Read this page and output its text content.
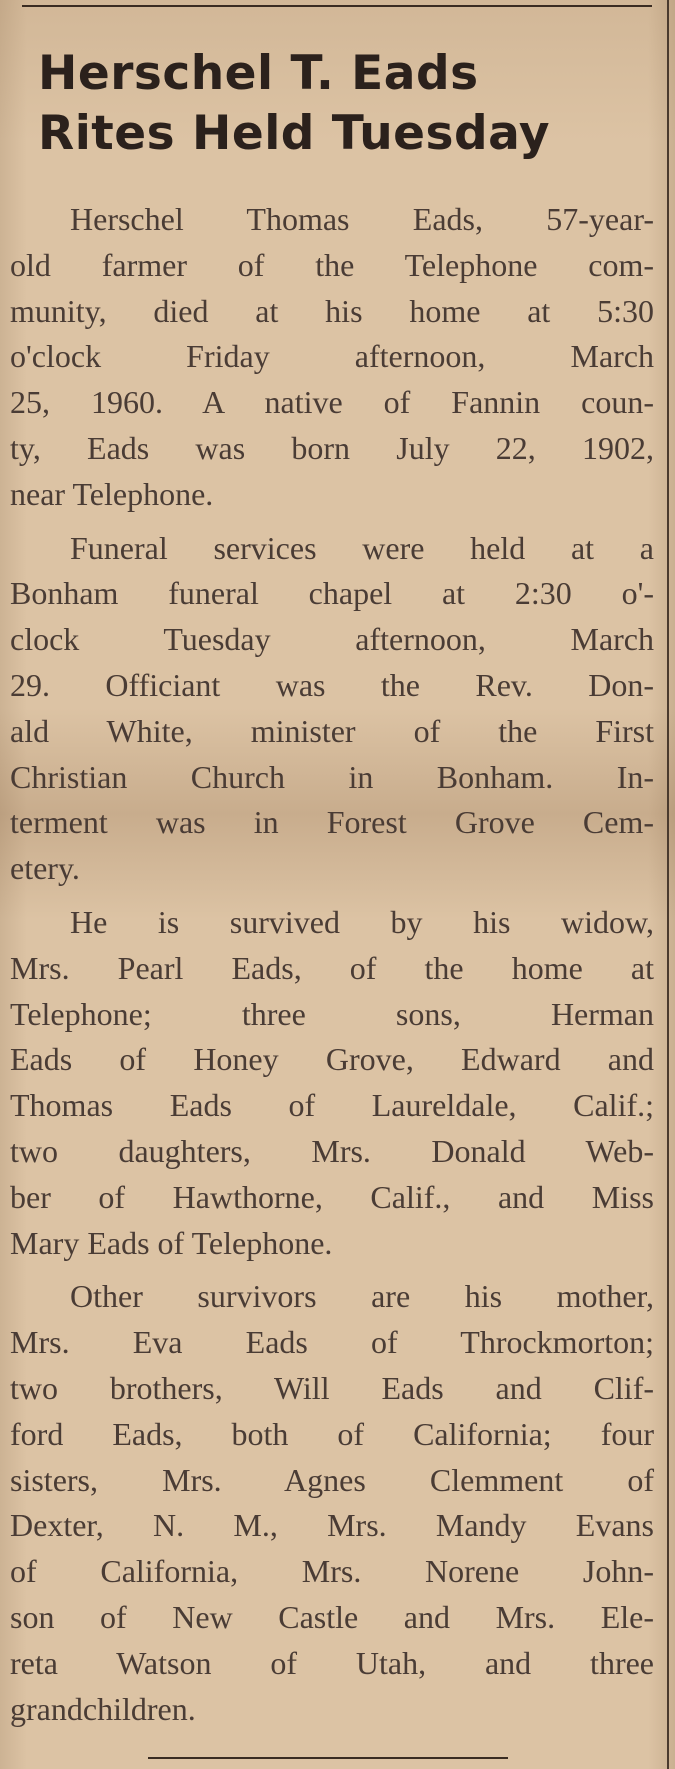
Herschel T. Eads
Rites Held Tuesday

Herschel Thomas Eads, 57-year-
old farmer of the Telephone com-
munity, died at his home at 5:30
o'clock Friday afternoon, March
25, 1960. A native of Fannin coun-
ty, Eads was born July 22, 1902,
near Telephone.

Funeral services were held at a
Bonham funeral chapel at 2:30 o'-
clock Tuesday afternoon, March
29. Officiant was the Rev. Don-
ald White, minister of the First
Christian Church in Bonham. In-
terment was in Forest Grove Cem-
etery.

He is survived by his widow,
Mrs. Pearl Eads, of the home at
Telephone; three sons, Herman
Eads of Honey Grove, Edward and
Thomas Eads of Laureldale, Calif.;
two daughters, Mrs. Donald Web-
ber of Hawthorne, Calif., and Miss
Mary Eads of Telephone.

Other survivors are his mother,
Mrs. Eva Eads of Throckmorton;
two brothers, Will Eads and Clif-
ford Eads, both of California; four
sisters, Mrs. Agnes Clemment of
Dexter, N. M., Mrs. Mandy Evans
of California, Mrs. Norene John-
son of New Castle and Mrs. Ele-
reta Watson of Utah, and three
grandchildren.
